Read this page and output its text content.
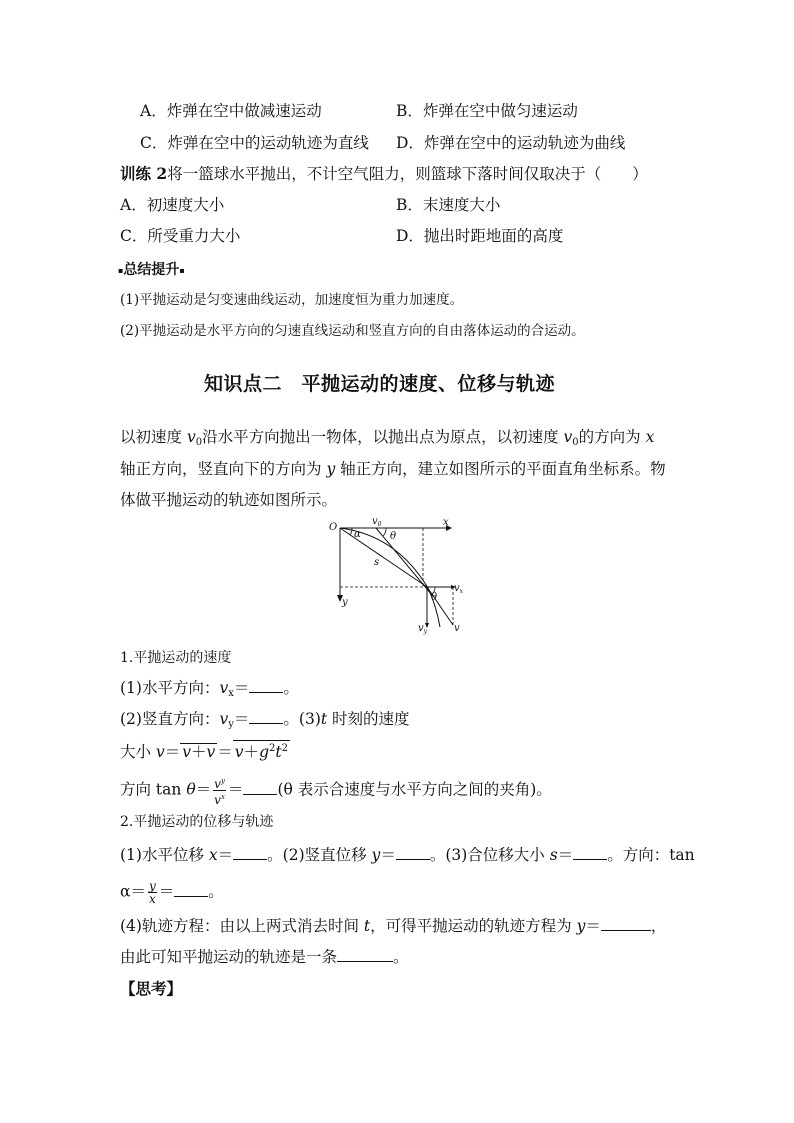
A．炸弹在空中做减速运动	B．炸弹在空中做匀速运动
C．炸弹在空中的运动轨迹为直线 D．炸弹在空中的运动轨迹为曲线
训练 2将一篮球水平抛出，不计空气阻力，则篮球下落时间仅取决于（　　）
A．初速度大小	B．末速度大小
C．所受重力大小	D．抛出时距地面的高度
▪总结提升▪
(1)平抛运动是匀变速曲线运动，加速度恒为重力加速度。
(2)平抛运动是水平方向的匀速直线运动和竖直方向的自由落体运动的合运动。
知识点二　平抛运动的速度、位移与轨迹
以初速度 $v_0$沿水平方向抛出一物体，以抛出点为原点，以初速度 $v_0$的方向为 x
轴正方向，竖直向下的方向为 y 轴正方向，建立如图所示的平面直角坐标系。物
体做平抛运动的轨迹如图所示。
O
$v_0$	x
y
α	θ
s
θ
$v_x$
$v_y$	v
1.平抛运动的速度
(1)水平方向：$v_x=$ 。
(2)竖直方向：$v_y=$ 。(3)t 时刻的速度
大小 $v= v+v = v+g^2t^2$
方向 $\tan \theta= \frac{v^y}{v^x} = (\theta$ 表示合速度与水平方向之间的夹角)。
2.平抛运动的位移与轨迹
(1)水平位移 x＝ 。(2)竖直位移 y＝ 。(3)合位移大小 s＝ 。方向：tan
$\alpha= \frac{y}{x}$ ＝ 。
(4)轨迹方程：由以上两式消去时间 t，可得平抛运动的轨迹方程为 y＝	，
由此可知平抛运动的轨迹是一条	。
【思考】
